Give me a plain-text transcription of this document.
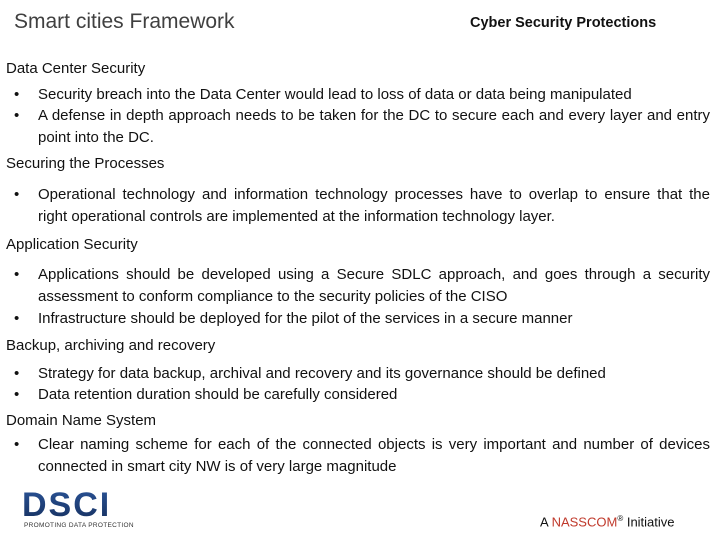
Smart cities Framework	Cyber Security Protections
Data Center Security
•	Security breach into the Data Center would lead to loss of data or data being manipulated
•	A defense in depth approach needs to be taken for the DC to secure each and every layer and entry point into the DC.
Securing the Processes
•	Operational technology and information technology processes have to overlap to ensure that the right operational controls are implemented at the information technology layer.
Application Security
•	Applications should be developed using a Secure SDLC approach, and goes through a security assessment to conform compliance to the security policies of the CISO
•	Infrastructure should be deployed for the pilot of the services in a secure manner
Backup, archiving and recovery
•	Strategy for data backup, archival and recovery and its governance should be defined
•	Data retention duration should be carefully considered
Domain Name System
•	Clear naming scheme for each of the connected objects is very important and number of devices connected in smart city NW is of very large magnitude
DSCI
PROMOTING DATA PROTECTION	A NASSCOM® Initiative
